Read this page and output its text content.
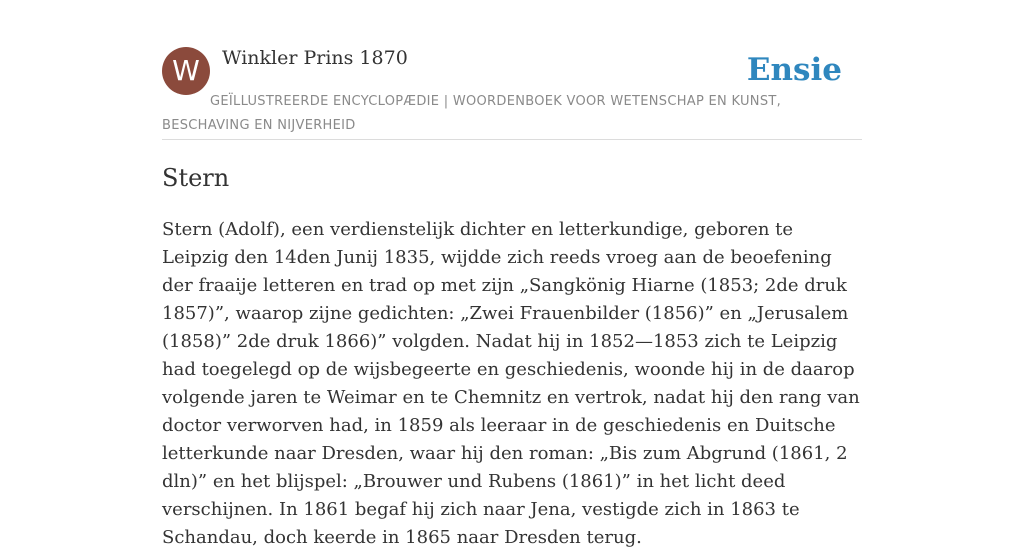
W	Winkler Prins 1870	Ensie
GEÏLLUSTREERDE ENCYCLOPÆDIE | WOORDENBOEK VOOR WETENSCHAP EN KUNST, BESCHAVING EN NIJVERHEID
Stern

Stern (Adolf), een verdienstelijk dichter en letterkundige, geboren te Leipzig den 14den Junij 1835, wijdde zich reeds vroeg aan de beoefening der fraaije letteren en trad op met zijn „Sangkönig Hiarne (1853; 2de druk 1857)”, waarop zijne gedichten: „Zwei Frauenbilder (1856)” en „Jerusalem (1858)” 2de druk 1866)” volgden. Nadat hij in 1852—1853 zich te Leipzig had toegelegd op de wijsbegeerte en geschiedenis, woonde hij in de daarop volgende jaren te Weimar en te Chemnitz en vertrok, nadat hij den rang van doctor verworven had, in 1859 als leeraar in de geschiedenis en Duitsche letterkunde naar Dresden, waar hij den roman: „Bis zum Abgrund (1861, 2 dln)” en het blijspel: „Brouwer und Rubens (1861)” in het licht deed verschijnen. In 1861 begaf hij zich naar Jena, vestigde zich in 1863 te Schandau, doch keerde in 1865 naar Dresden terug.
